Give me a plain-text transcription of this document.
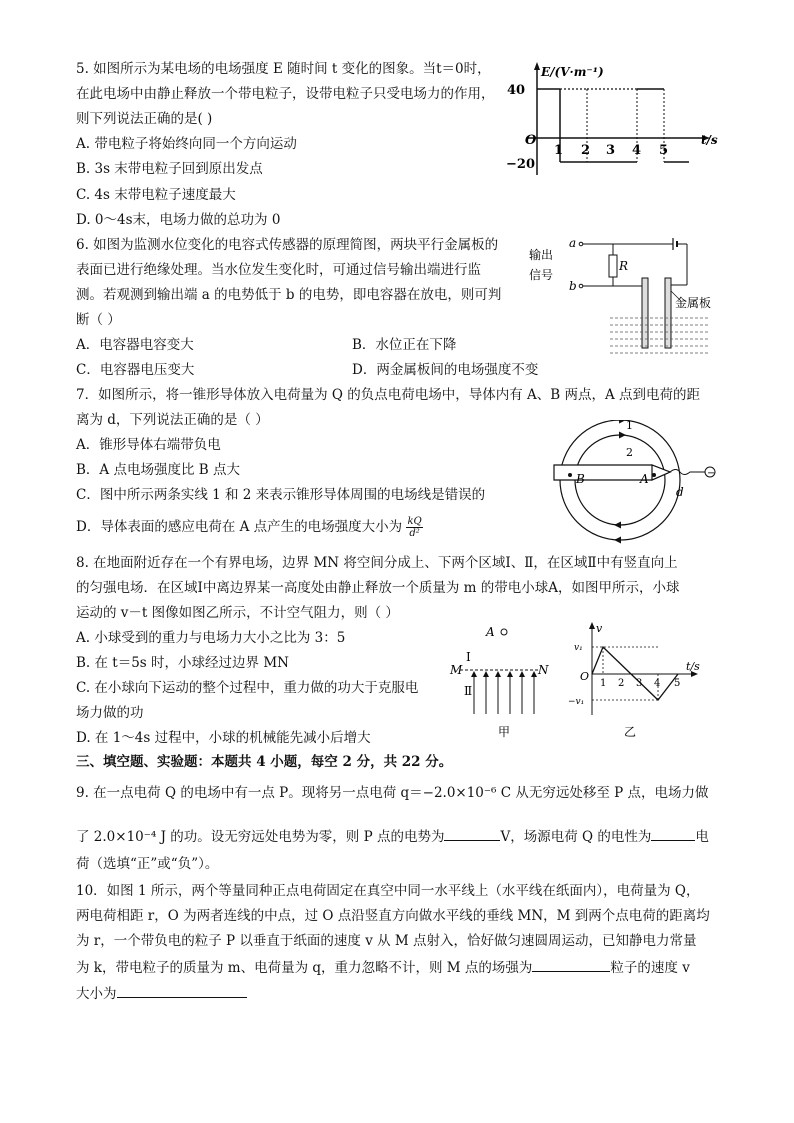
5. 如图所示为某电场的电场强度 E 随时间 t 变化的图象。当t＝0时，
在此电场中由静止释放一个带电粒子，设带电粒子只受电场力的作用，
则下列说法正确的是( )
A. 带电粒子将始终向同一个方向运动
B. 3s 末带电粒子回到原出发点
C. 4s 末带电粒子速度最大
D. 0～4s末，电场力做的总功为 0
E/(V·m⁻¹)
t/s
40
−20
O
1 2 3 4 5
6. 如图为监测水位变化的电容式传感器的原理简图，两块平行金属板的
表面已进行绝缘处理。当水位发生变化时，可通过信号输出端进行监
测。若观测到输出端 a 的电势低于 b 的电势，即电容器在放电，则可判
断（ ）
A．电容器电容变大	B．水位正在下降
C．电容器电压变大	D．两金属板间的电场强度不变
a
b
输出
信号
R
金属板
7．如图所示，将一锥形导体放入电荷量为 Q 的负点电荷电场中，导体内有 A、B 两点，A 点到电荷的距
离为 d，下列说法正确的是（ ）
A．锥形导体右端带负电
B．A 点电场强度比 B 点大
C．图中所示两条实线 1 和 2 来表示锥形导体周围的电场线是错误的
D．导体表面的感应电荷在 A 点产生的电场强度大小为 $\frac{kQ}{\text{d²}}$
1
2
B	A
d
−
8. 在地面附近存在一个有界电场，边界 MN 将空间分成上、下两个区域Ⅰ、Ⅱ，在区域Ⅱ中有竖直向上
的匀强电场．在区域Ⅰ中离边界某一高度处由静止释放一个质量为 m 的带电小球A，如图甲所示，小球
运动的 v－t 图像如图乙所示，不计空气阻力，则（ ）
A. 小球受到的重力与电场力大小之比为 3：5
B. 在 t＝5s 时，小球经过边界 MN
C. 在小球向下运动的整个过程中，重力做的功大于克服电
场力做的功
D. 在 1～4s 过程中，小球的机械能先减小后增大
A
Ⅰ
Ⅱ
M	N
甲
v
t/s
v₁
−v₁
O
1 2 3 4 5
乙
三、填空题、实验题：本题共 4 小题，每空 2 分，共 22 分。
9. 在一点电荷 Q 的电场中有一点 P。现将另一点电荷 q＝−2.0×10⁻⁶ C 从无穷远处移至 P 点，电场力做
了 2.0×10⁻⁴ J 的功。设无穷远处电势为零，则 P 点的电势为	V，场源电荷 Q 的电性为	电
荷（选填“正”或“负”）。
10．如图 1 所示，两个等量同种正点电荷固定在真空中同一水平线上（水平线在纸面内），电荷量为 Q，
两电荷相距 r，O 为两者连线的中点，过 O 点沿竖直方向做水平线的垂线 MN，M 到两个点电荷的距离均
为 r，一个带负电的粒子 P 以垂直于纸面的速度 v 从 M 点射入，恰好做匀速圆周运动，已知静电力常量
为 k，带电粒子的质量为 m、电荷量为 q，重力忽略不计，则 M 点的场强为	粒子的速度 v
大小为
